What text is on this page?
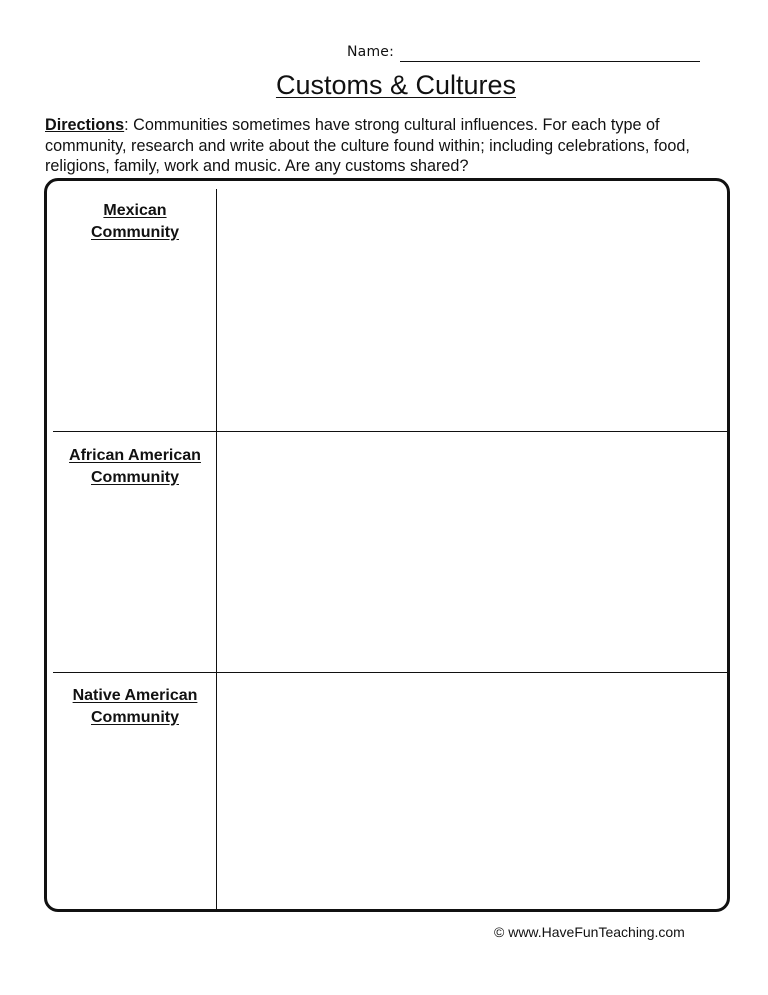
Name:
Customs & Cultures
Directions: Communities sometimes have strong cultural influences. For each type of community, research and write about the culture found within; including celebrations, food, religions, family, work and music. Are any customs shared?
Mexican
Community
African American
Community
Native American
Community
© www.HaveFunTeaching.com
